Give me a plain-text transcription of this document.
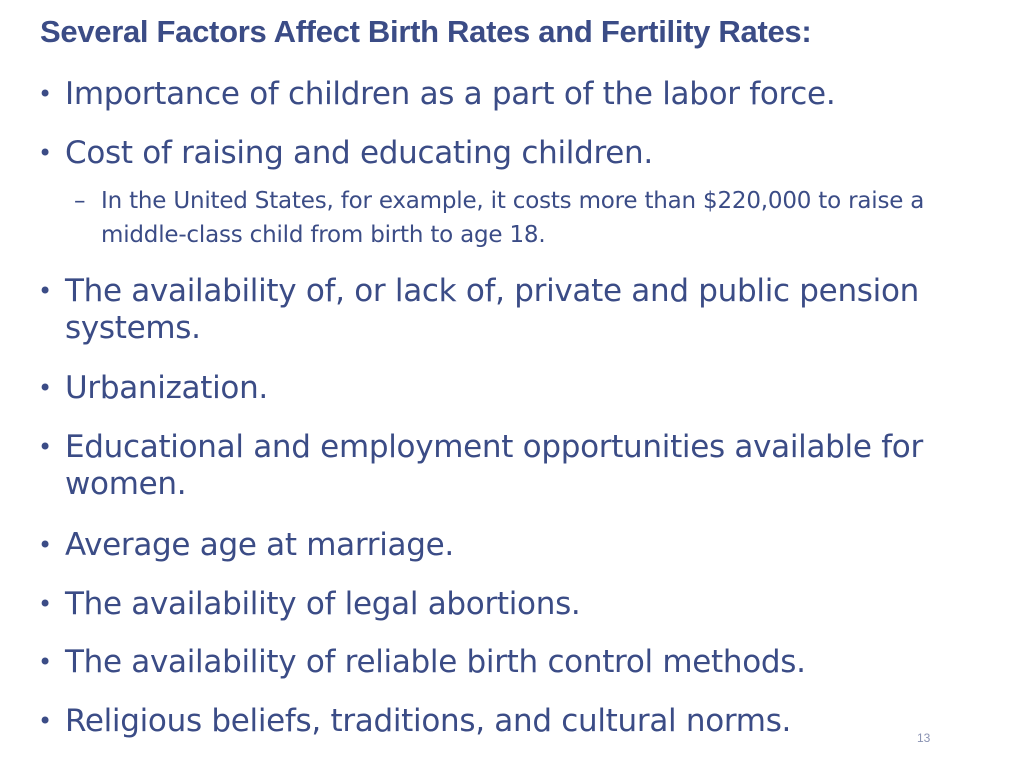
Several Factors Affect Birth Rates and Fertility Rates:
• Importance of children as a part of the labor force.
• Cost of raising and educating children.
– In the United States, for example, it costs more than $220,000 to raise a middle-class child from birth to age 18.
• The availability of, or lack of, private and public pension systems.
• Urbanization.
• Educational and employment opportunities available for women.
• Average age at marriage.
• The availability of legal abortions.
• The availability of reliable birth control methods.
• Religious beliefs, traditions, and cultural norms.	13
